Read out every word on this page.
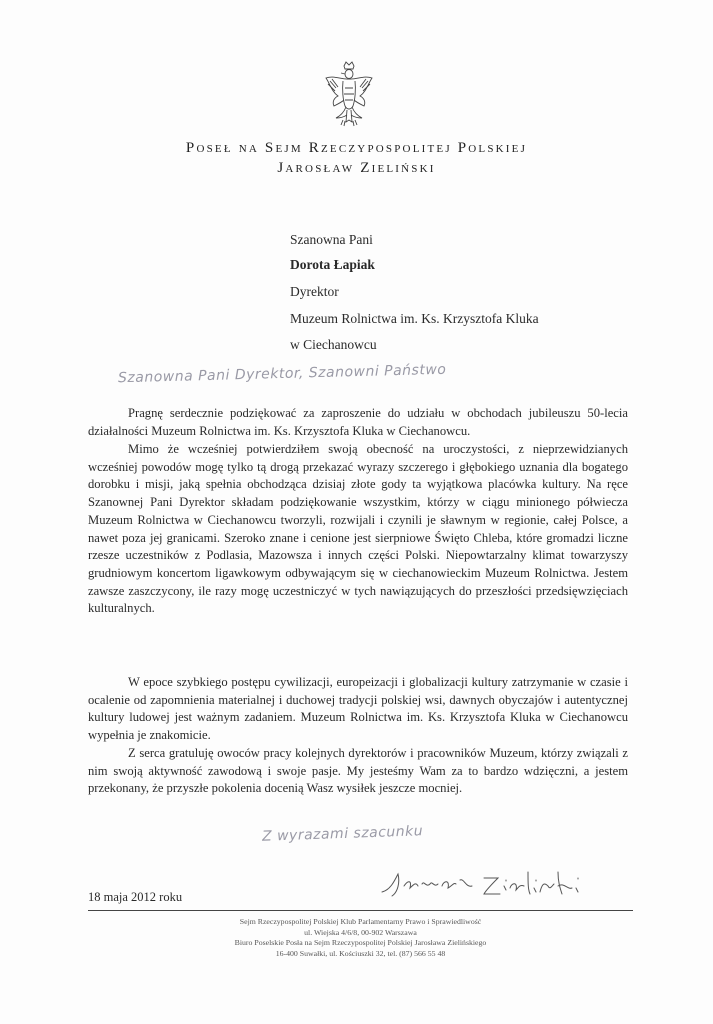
Poseł na Sejm Rzeczypospolitej Polskiej
Jarosław Zieliński
Szanowna Pani
Dorota Łapiak
Dyrektor
Muzeum Rolnictwa im. Ks. Krzysztofa Kluka
w Ciechanowcu
Szanowna Pani Dyrektor, Szanowni Państwo

Pragnę serdecznie podziękować za zaproszenie do udziału w obchodach jubileuszu 50-lecia działalności Muzeum Rolnictwa im. Ks. Krzysztofa Kluka w Ciechanowcu.

Mimo że wcześniej potwierdziłem swoją obecność na uroczystości, z nieprzewidzianych wcześniej powodów mogę tylko tą drogą przekazać wyrazy szczerego i głębokiego uznania dla bogatego dorobku i misji, jaką spełnia obchodząca dzisiaj złote gody ta wyjątkowa placówka kultury. Na ręce Szanownej Pani Dyrektor składam podziękowanie wszystkim, którzy w ciągu minionego półwiecza Muzeum Rolnictwa w Ciechanowcu tworzyli, rozwijali i czynili je sławnym w regionie, całej Polsce, a nawet poza jej granicami. Szeroko znane i cenione jest sierpniowe Święto Chleba, które gromadzi liczne rzesze uczestników z Podlasia, Mazowsza i innych części Polski. Niepowtarzalny klimat towarzyszy grudniowym koncertom ligawkowym odbywającym się w ciechanowieckim Muzeum Rolnictwa. Jestem zawsze zaszczycony, ile razy mogę uczestniczyć w tych nawiązujących do przeszłości przedsięwzięciach kulturalnych.

W epoce szybkiego postępu cywilizacji, europeizacji i globalizacji kultury zatrzymanie w czasie i ocalenie od zapomnienia materialnej i duchowej tradycji polskiej wsi, dawnych obyczajów i autentycznej kultury ludowej jest ważnym zadaniem. Muzeum Rolnictwa im. Ks. Krzysztofa Kluka w Ciechanowcu wypełnia je znakomicie.

Z serca gratuluję owoców pracy kolejnych dyrektorów i pracowników Muzeum, którzy związali z nim swoją aktywność zawodową i swoje pasje. My jesteśmy Wam za to bardzo wdzięczni, a jestem przekonany, że przyszłe pokolenia docenią Wasz wysiłek jeszcze mocniej.

Z wyrazami szacunku
18 maja 2012 roku
Sejm Rzeczypospolitej Polskiej Klub Parlamentarny Prawo i Sprawiedliwość
ul. Wiejska 4/6/8, 00-902 Warszawa
Biuro Poselskie Posła na Sejm Rzeczypospolitej Polskiej Jarosława Zielińskiego
16-400 Suwałki, ul. Kościuszki 32, tel. (87) 566 55 48
